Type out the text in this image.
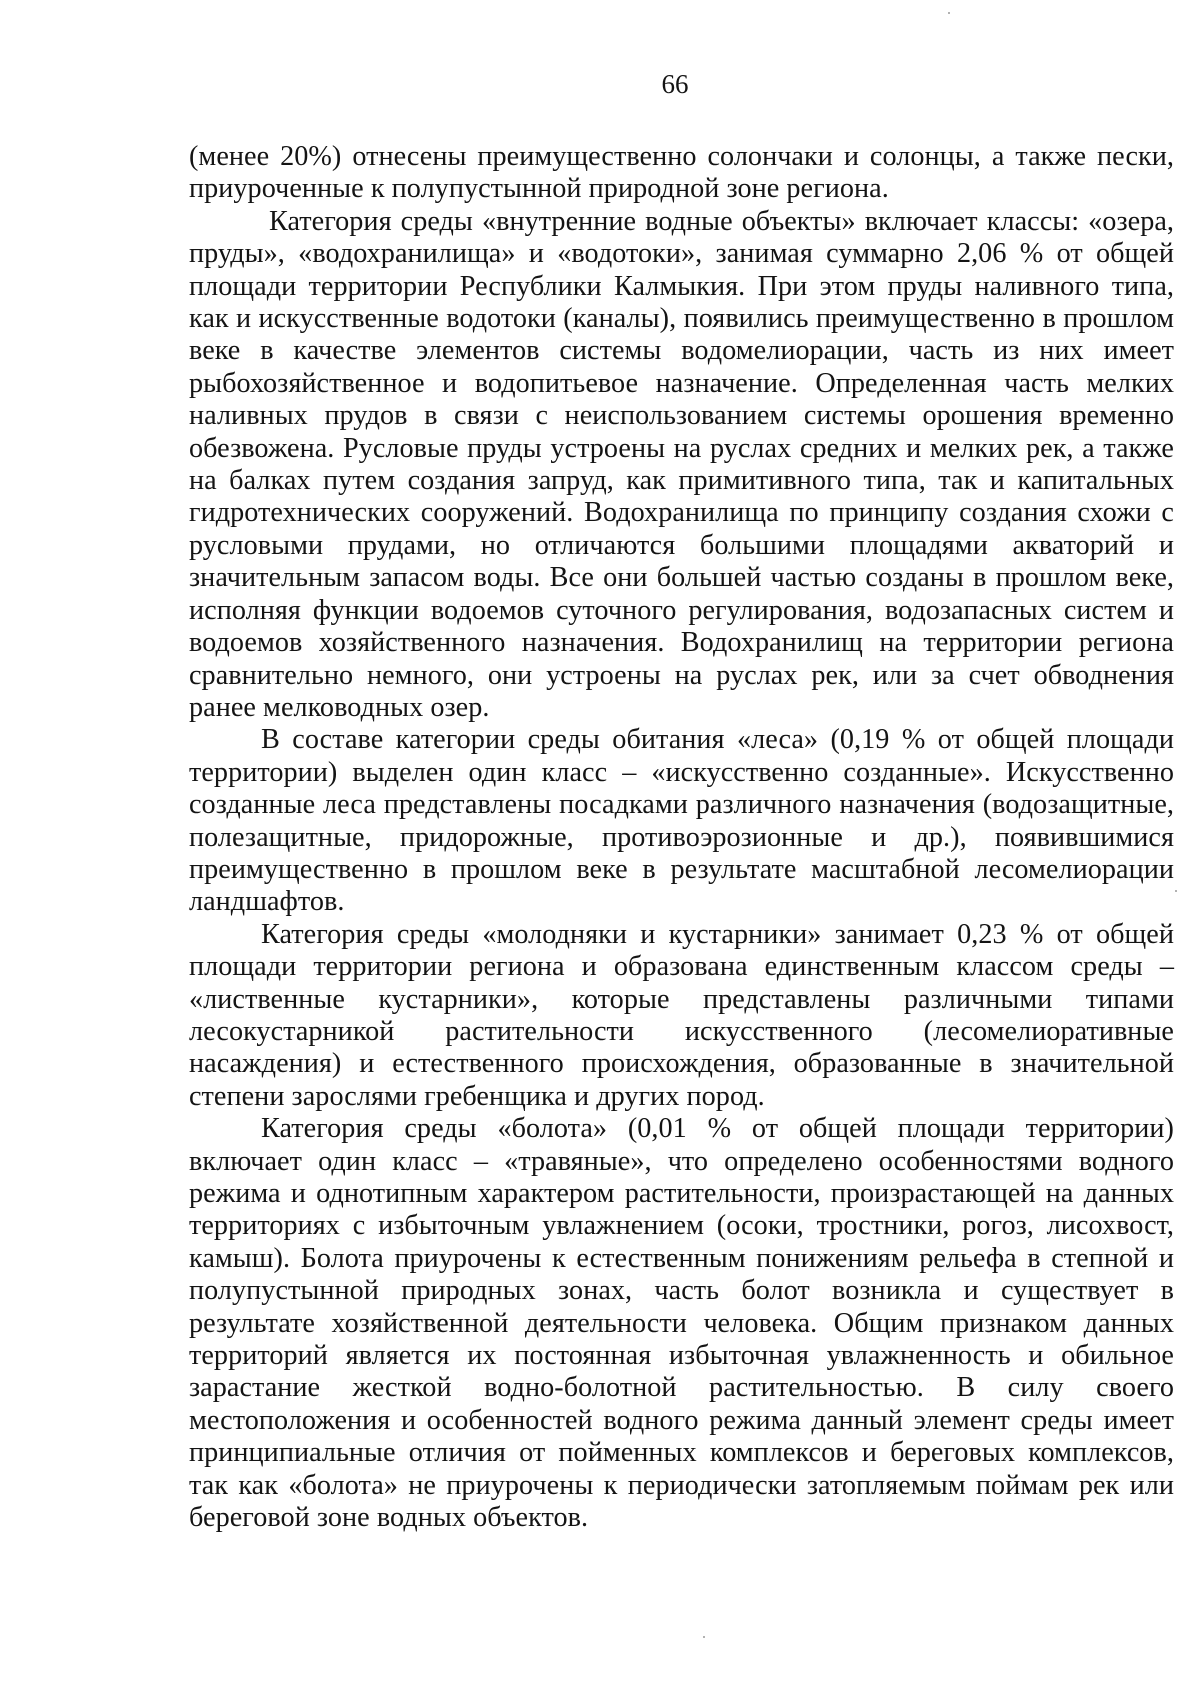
66

(менее 20%) отнесены преимущественно солончаки и солонцы, а также пески, приуроченные к полупустынной природной зоне региона.

Категория среды «внутренние водные объекты» включает классы: «озера, пруды», «водохранилища» и «водотоки», занимая суммарно 2,06 % от общей площади территории Республики Калмыкия. При этом пруды наливного типа, как и искусственные водотоки (каналы), появились преимущественно в прошлом веке в качестве элементов системы водомелиорации, часть из них имеет рыбохозяйственное и водопитьевое назначение. Определенная часть мелких наливных прудов в связи с неиспользованием системы орошения временно обезвожена. Русловые пруды устроены на руслах средних и мелких рек, а также на балках путем создания запруд, как примитивного типа, так и капитальных гидротехнических сооружений. Водохранилища по принципу создания схожи с русловыми прудами, но отличаются большими площадями акваторий и значительным запасом воды. Все они большей частью созданы в прошлом веке, исполняя функции водоемов суточного регулирования, водозапасных систем и водоемов хозяйственного назначения. Водохранилищ на территории региона сравнительно немного, они устроены на руслах рек, или за счет обводнения ранее мелководных озер.

В составе категории среды обитания «леса» (0,19 % от общей площади территории) выделен один класс – «искусственно созданные». Искусственно созданные леса представлены посадками различного назначения (водозащитные, полезащитные, придорожные, противоэрозионные и др.), появившимися преимущественно в прошлом веке в результате масштабной лесомелиорации ландшафтов.

Категория среды «молодняки и кустарники» занимает 0,23 % от общей площади территории региона и образована единственным классом среды – «лиственные кустарники», которые представлены различными типами лесокустарникой растительности искусственного (лесомелиоративные насаждения) и естественного происхождения, образованные в значительной степени зарослями гребенщика и других пород.

Категория среды «болота» (0,01 % от общей площади территории) включает один класс – «травяные», что определено особенностями водного режима и однотипным характером растительности, произрастающей на данных территориях с избыточным увлажнением (осоки, тростники, рогоз, лисохвост, камыш). Болота приурочены к естественным понижениям рельефа в степной и полупустынной природных зонах, часть болот возникла и существует в результате хозяйственной деятельности человека. Общим признаком данных территорий является их постоянная избыточная увлажненность и обильное зарастание жесткой водно-болотной растительностью. В силу своего местоположения и особенностей водного режима данный элемент среды имеет принципиальные отличия от пойменных комплексов и береговых комплексов, так как «болота» не приурочены к периодически затопляемым поймам рек или береговой зоне водных объектов.
